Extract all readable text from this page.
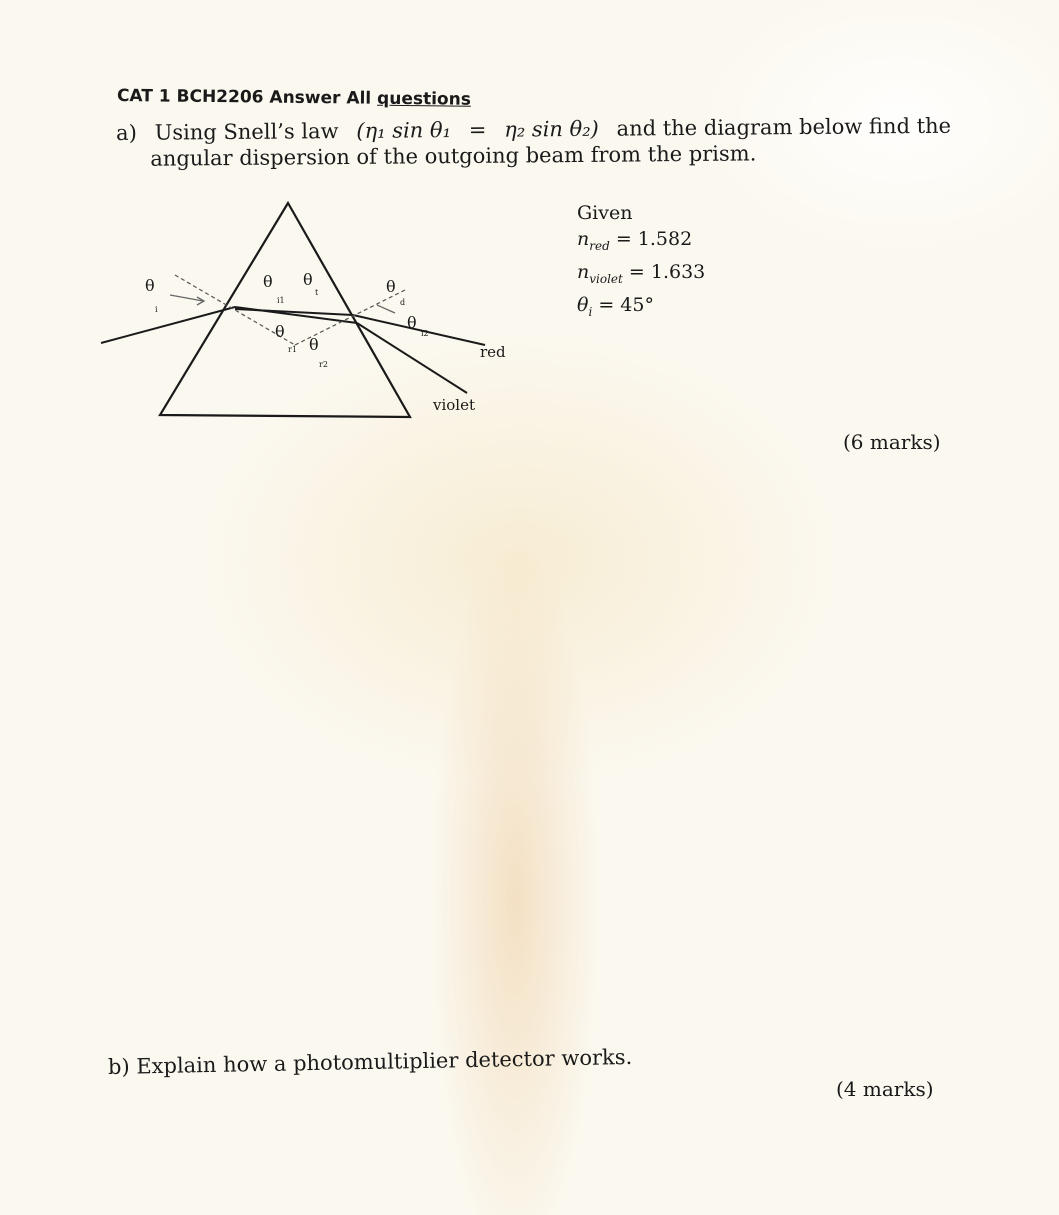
CAT 1 BCH2206 Answer All questions
a) Using Snell’s law (η₁ sin θ₁ = η₂ sin θ₂) and the diagram below find the
angular dispersion of the outgoing beam from the prism.
θ
i
θ
i1
θ
t
θ
r1 θ
r2
θ
d
θ
i2
red
violet
Given
$n_{red} = 1.582$
$n_{violet} = 1.633$
$\theta_i = 45^\circ$
(6 marks)
b) Explain how a photomultiplier detector works.
(4 marks)
